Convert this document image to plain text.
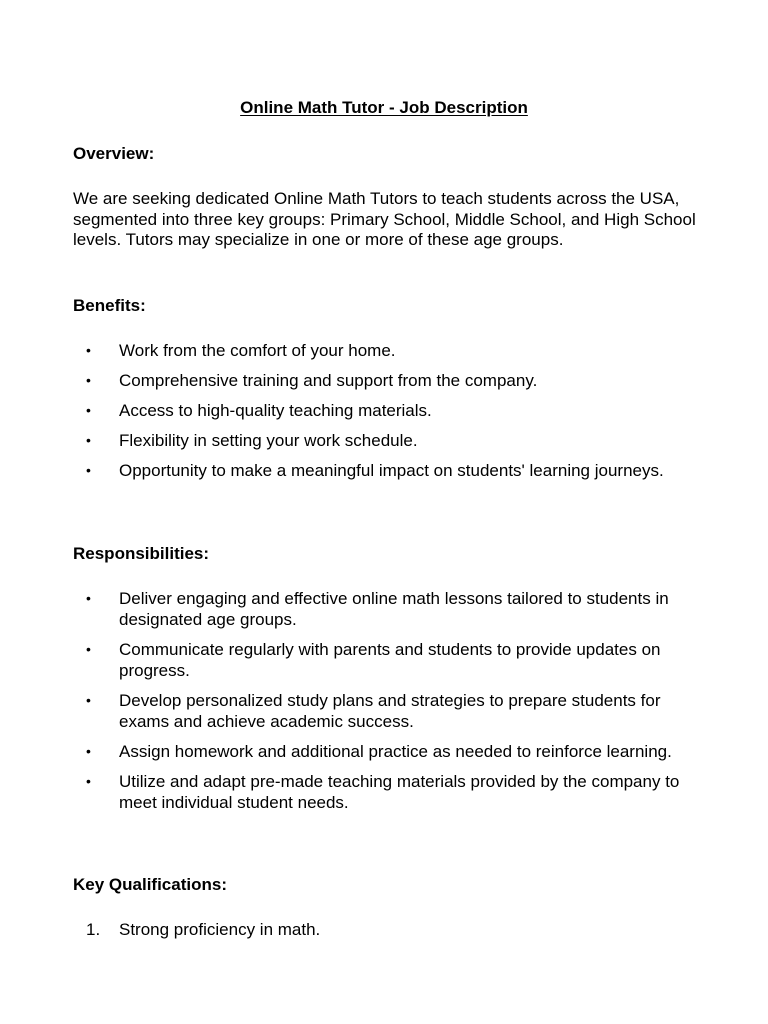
Online Math Tutor - Job Description
Overview:
We are seeking dedicated Online Math Tutors to teach students across the USA, segmented into three key groups: Primary School, Middle School, and High School levels. Tutors may specialize in one or more of these age groups.
Benefits:
•	Work from the comfort of your home.
•	Comprehensive training and support from the company.
•	Access to high-quality teaching materials.
•	Flexibility in setting your work schedule.
•	Opportunity to make a meaningful impact on students' learning journeys.
Responsibilities:
•	Deliver engaging and effective online math lessons tailored to students in designated age groups.
•	Communicate regularly with parents and students to provide updates on progress.
•	Develop personalized study plans and strategies to prepare students for exams and achieve academic success.
•	Assign homework and additional practice as needed to reinforce learning.
•	Utilize and adapt pre-made teaching materials provided by the company to meet individual student needs.
Key Qualifications:
1.	Strong proficiency in math.
